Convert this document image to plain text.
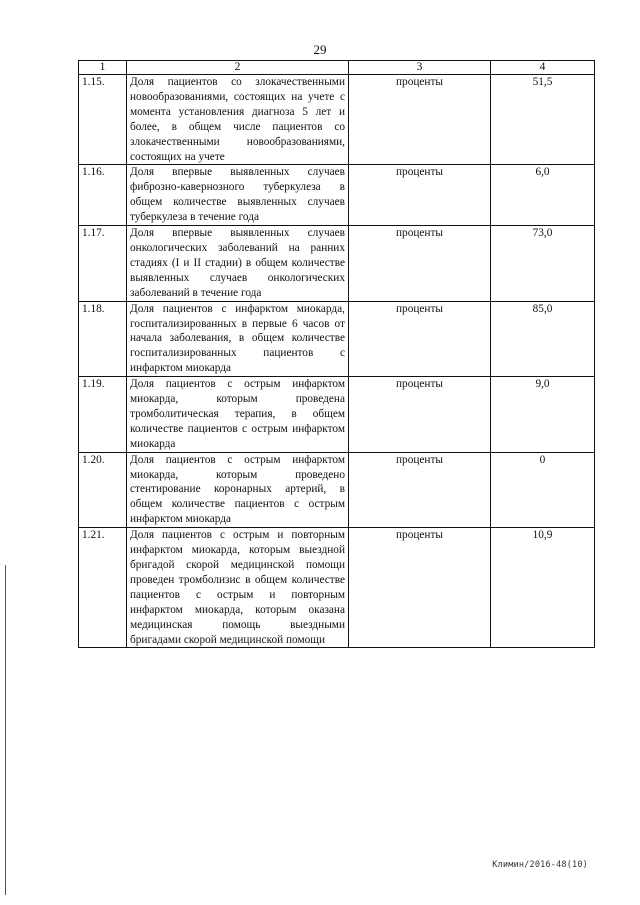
29
1	2	3	4
1.15.	Доля пациентов со злокачественными новообразованиями, состоящих на учете с момента установления диагноза 5 лет и более, в общем числе пациентов со злокачественными новообразованиями, состоящих на учете	проценты	51,5
1.16.	Доля впервые выявленных случаев фиброзно-кавернозного туберкулеза в общем количестве выявленных случаев туберкулеза в течение года	проценты	6,0
1.17.	Доля впервые выявленных случаев онкологических заболеваний на ранних стадиях (I и II стадии) в общем количестве выявленных случаев онкологических заболеваний в течение года	проценты	73,0
1.18.	Доля пациентов с инфарктом миокарда, госпитализированных в первые 6 часов от начала заболевания, в общем количестве госпитализированных пациентов с инфарктом миокарда	проценты	85,0
1.19.	Доля пациентов с острым инфарктом миокарда, которым проведена тромболитическая терапия, в общем количестве пациентов с острым инфарктом миокарда	проценты	9,0
1.20.	Доля пациентов с острым инфарктом миокарда, которым проведено стентирование коронарных артерий, в общем количестве пациентов с острым инфарктом миокарда	проценты	0
1.21.	Доля пациентов с острым и повторным инфарктом миокарда, которым выездной бригадой скорой медицинской помощи проведен тромболизис в общем количестве пациентов с острым и повторным инфарктом миокарда, которым оказана медицинская помощь выездными бригадами скорой медицинской помощи	проценты	10,9
Климин/2016-48(10)
